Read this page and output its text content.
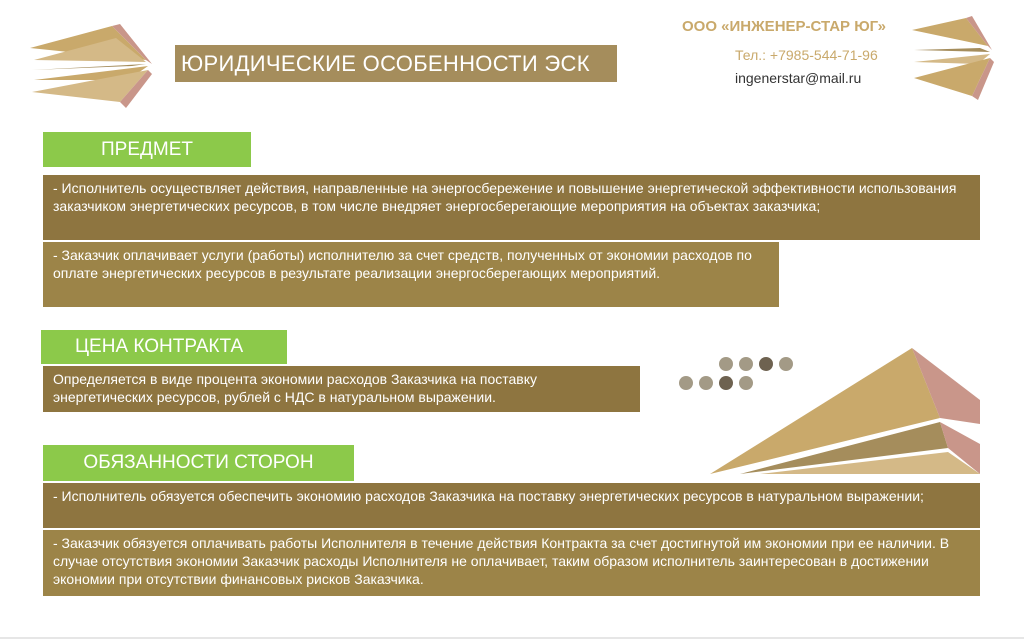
ЮРИДИЧЕСКИЕ ОСОБЕННОСТИ ЭСК
ООО «ИНЖЕНЕР-СТАР ЮГ»
Тел.: +7985-544-71-96
ingenerstar@mail.ru
ПРЕДМЕТ
- Исполнитель осуществляет действия, направленные на энергосбережение и повышение энергетической эффективности использования заказчиком энергетических ресурсов, в том числе внедряет энергосберегающие мероприятия на объектах заказчика;
- Заказчик оплачивает услуги (работы) исполнителю за счет средств, полученных от экономии расходов по оплате энергетических ресурсов в результате реализации энергосберегающих мероприятий.
ЦЕНА КОНТРАКТА
Определяется в виде процента экономии расходов Заказчика на поставку энергетических ресурсов, рублей с НДС в натуральном выражении.
ОБЯЗАННОСТИ СТОРОН
- Исполнитель обязуется обеспечить экономию расходов Заказчика на поставку энергетических ресурсов в натуральном выражении;
- Заказчик обязуется оплачивать работы Исполнителя в течение действия Контракта за счет достигнутой им экономии при ее наличии. В случае отсутствия экономии Заказчик расходы Исполнителя не оплачивает, таким образом исполнитель заинтересован в достижении экономии при отсутствии финансовых рисков Заказчика.
